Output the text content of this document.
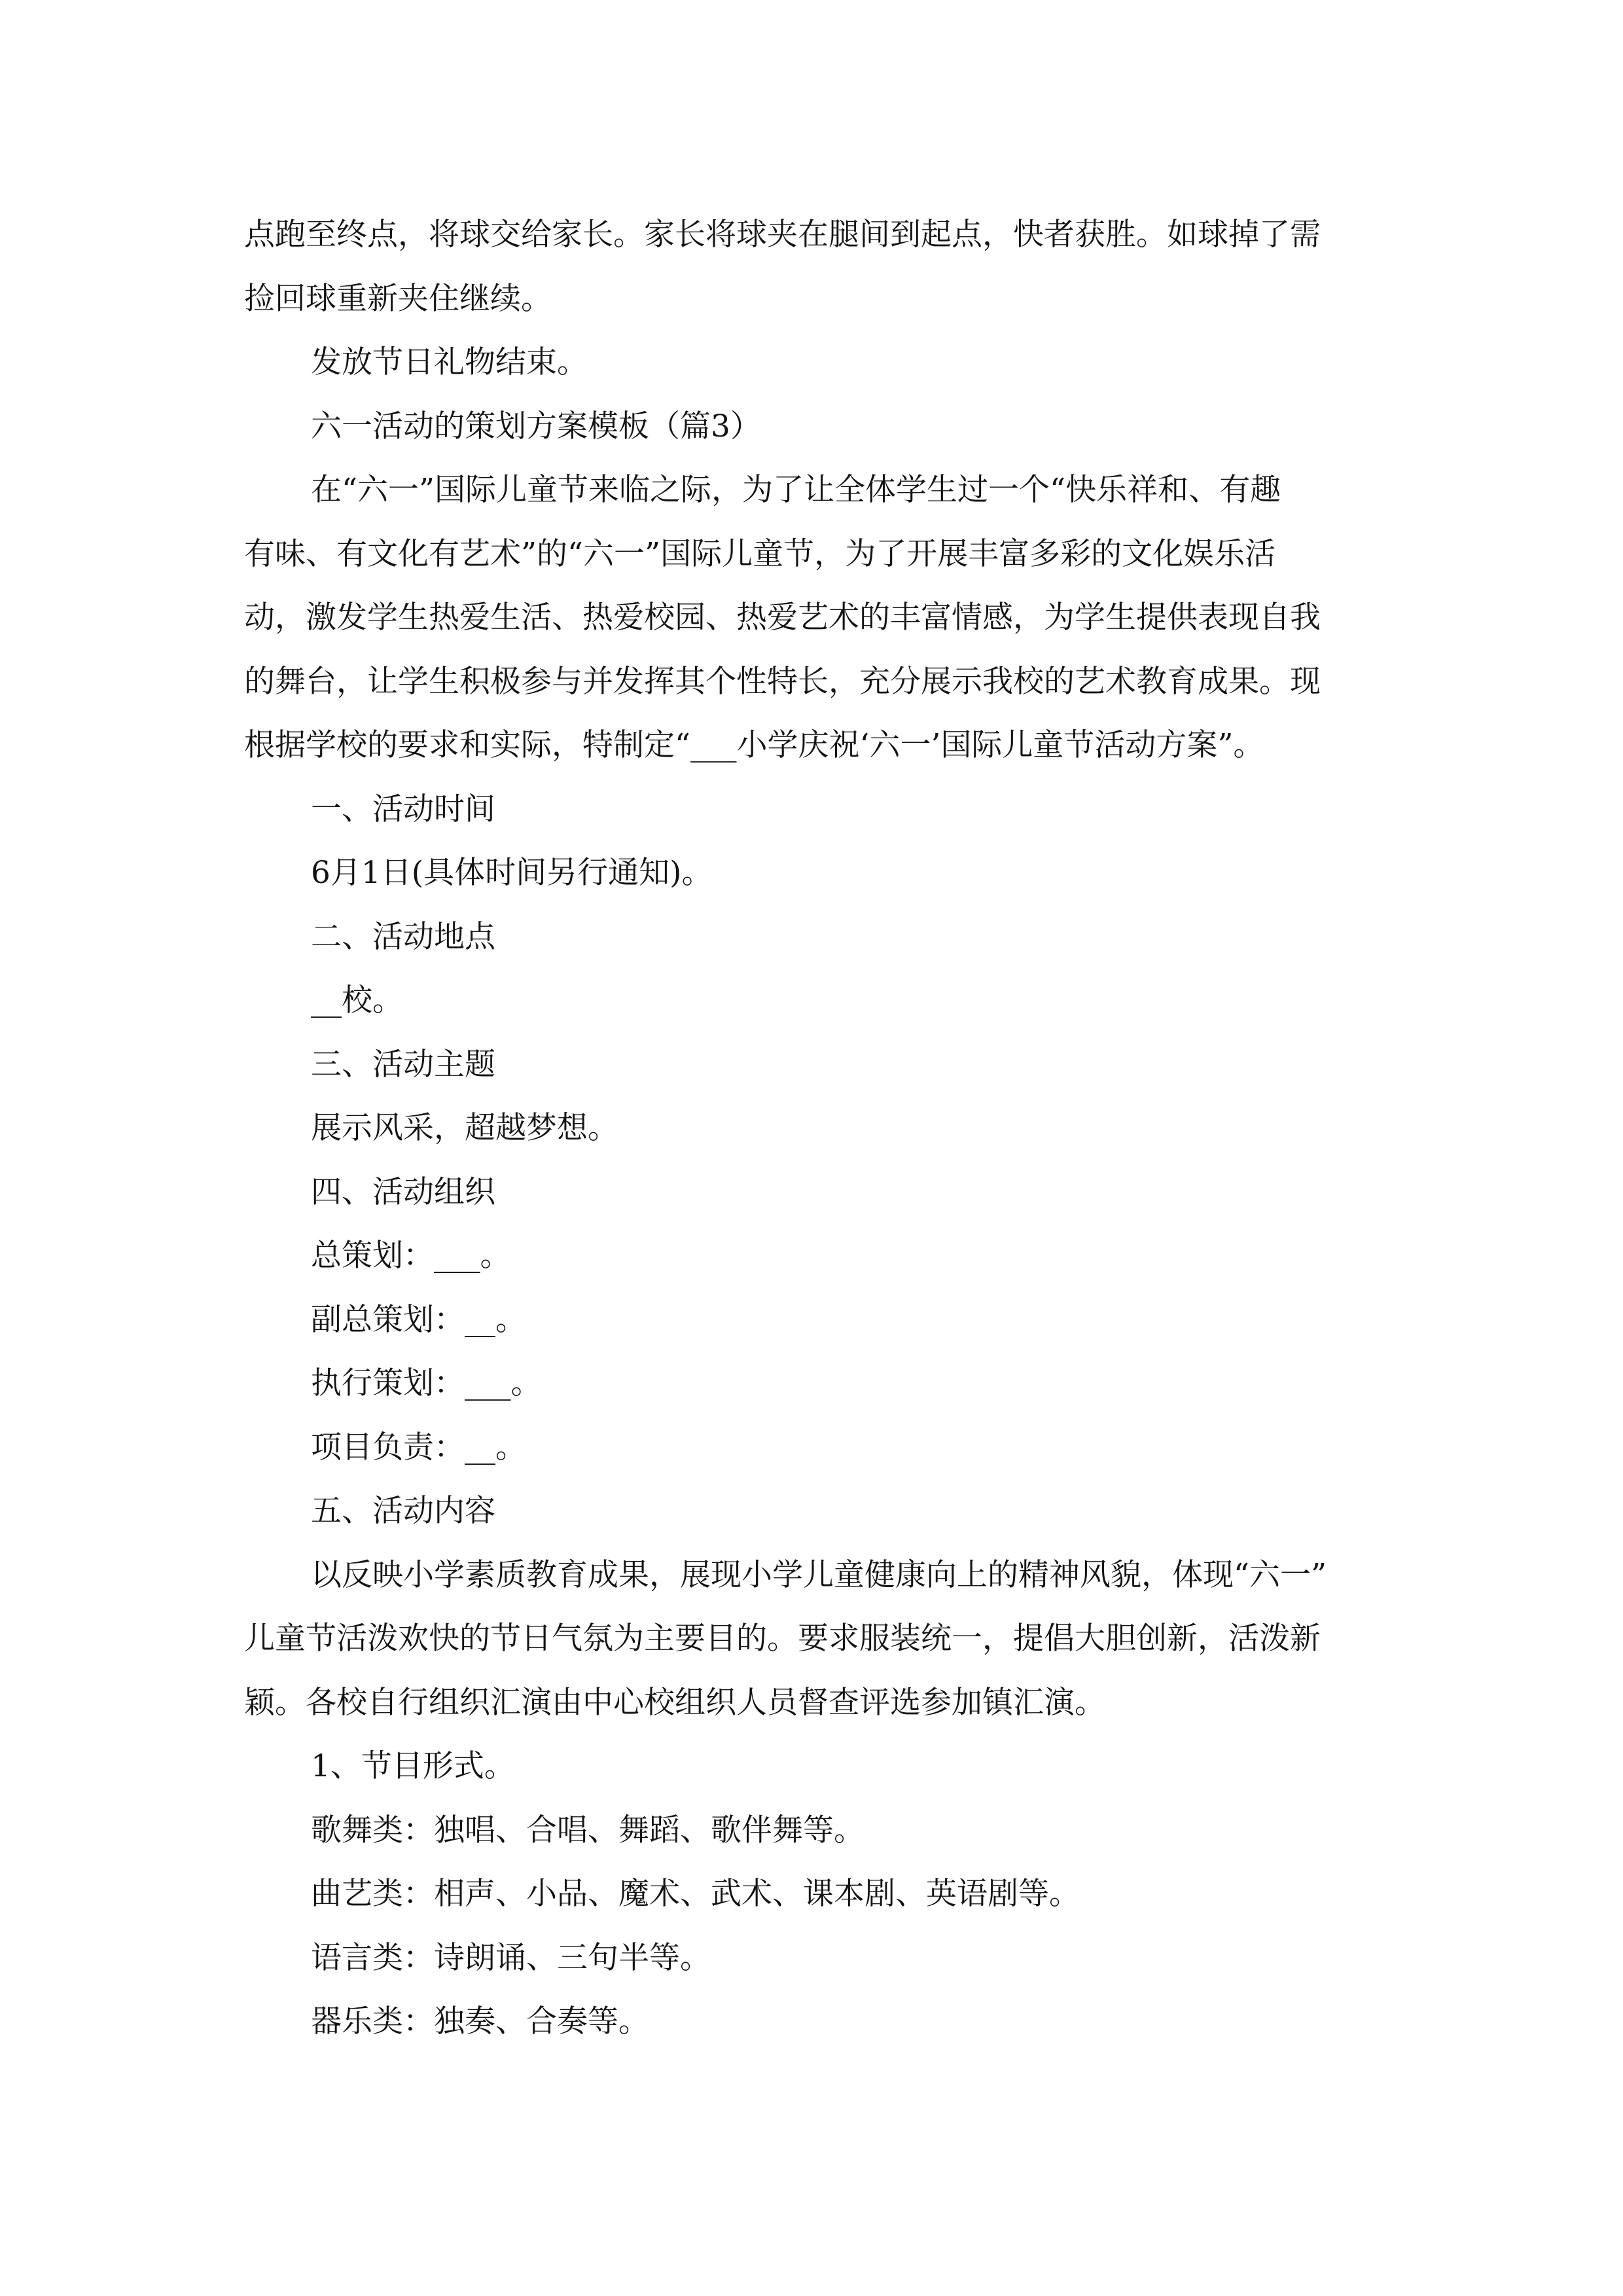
点跑至终点，将球交给家长。家长将球夹在腿间到起点，快者获胜。如球掉了需
捡回球重新夹住继续。
发放节日礼物结束。
六一活动的策划方案模板（篇3）
在“六一”国际儿童节来临之际，为了让全体学生过一个“快乐祥和、有趣
有味、有文化有艺术”的“六一”国际儿童节，为了开展丰富多彩的文化娱乐活
动，激发学生热爱生活、热爱校园、热爱艺术的丰富情感，为学生提供表现自我
的舞台，让学生积极参与并发挥其个性特长，充分展示我校的艺术教育成果。现
根据学校的要求和实际，特制定“___小学庆祝‘六一’国际儿童节活动方案”。
一、活动时间
6月1日(具体时间另行通知)。
二、活动地点
__校。
三、活动主题
展示风采，超越梦想。
四、活动组织
总策划：___。
副总策划：__。
执行策划：___。
项目负责：__。
五、活动内容
以反映小学素质教育成果，展现小学儿童健康向上的精神风貌，体现“六一”
儿童节活泼欢快的节日气氛为主要目的。要求服装统一，提倡大胆创新，活泼新
颖。各校自行组织汇演由中心校组织人员督查评选参加镇汇演。
1、节目形式。
歌舞类：独唱、合唱、舞蹈、歌伴舞等。
曲艺类：相声、小品、魔术、武术、课本剧、英语剧等。
语言类：诗朗诵、三句半等。
器乐类：独奏、合奏等。
